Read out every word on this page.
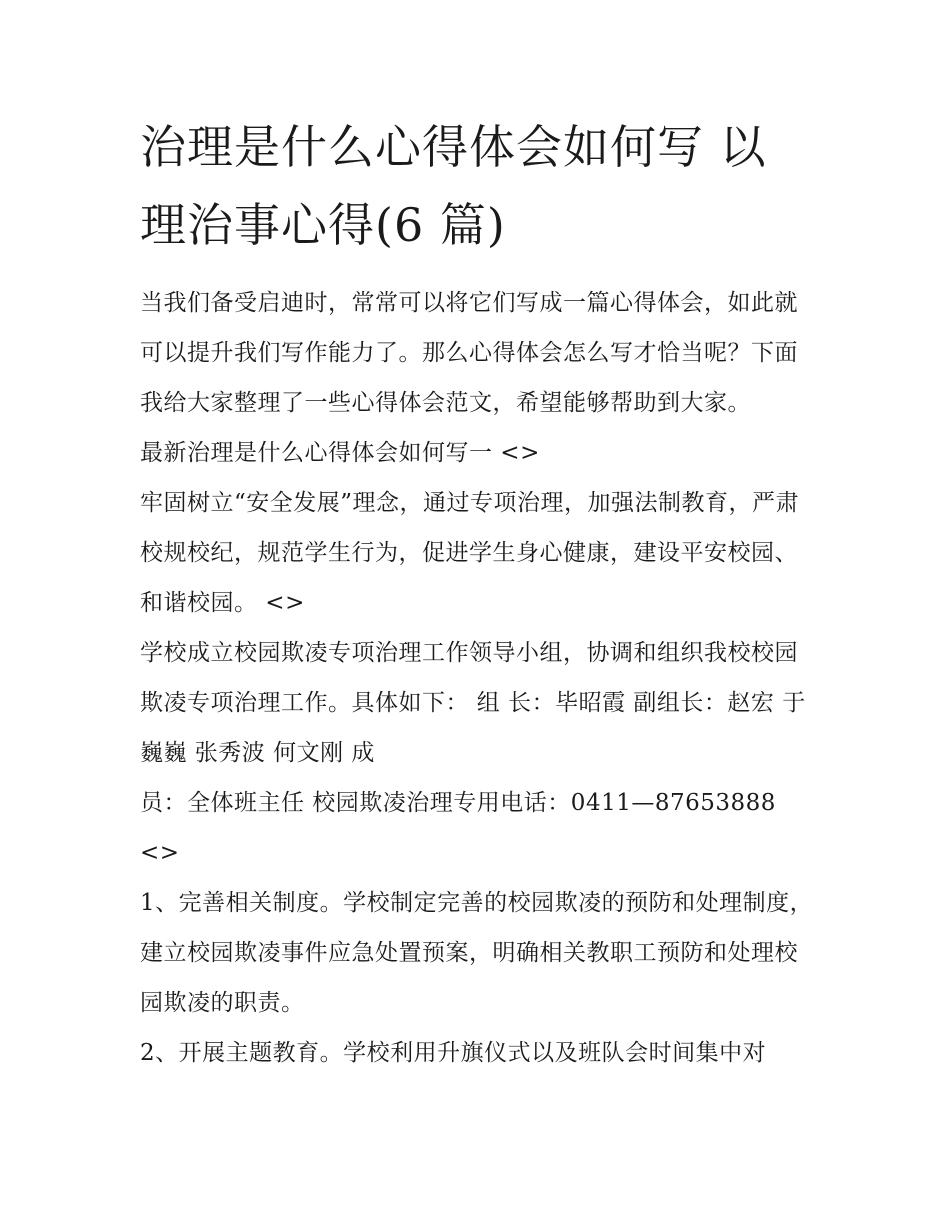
治理是什么心得体会如何写 以
理治事心得(6 篇)

当我们备受启迪时，常常可以将它们写成一篇心得体会，如此就可以提升我们写作能力了。那么心得体会怎么写才恰当呢？下面我给大家整理了一些心得体会范文，希望能够帮助到大家。

最新治理是什么心得体会如何写一 <>

牢固树立“安全发展”理念，通过专项治理，加强法制教育，严肃校规校纪，规范学生行为，促进学生身心健康，建设平安校园、和谐校园。 <>

学校成立校园欺凌专项治理工作领导小组，协调和组织我校校园欺凌专项治理工作。具体如下： 组 长：毕昭霞 副组长：赵宏 于巍巍 张秀波 何文刚 成

员：全体班主任 校园欺凌治理专用电话：0411—87653888 <>

1、完善相关制度。学校制定完善的校园欺凌的预防和处理制度，建立校园欺凌事件应急处置预案，明确相关教职工预防和处理校园欺凌的职责。

2、开展主题教育。学校利用升旗仪式以及班队会时间集中对
